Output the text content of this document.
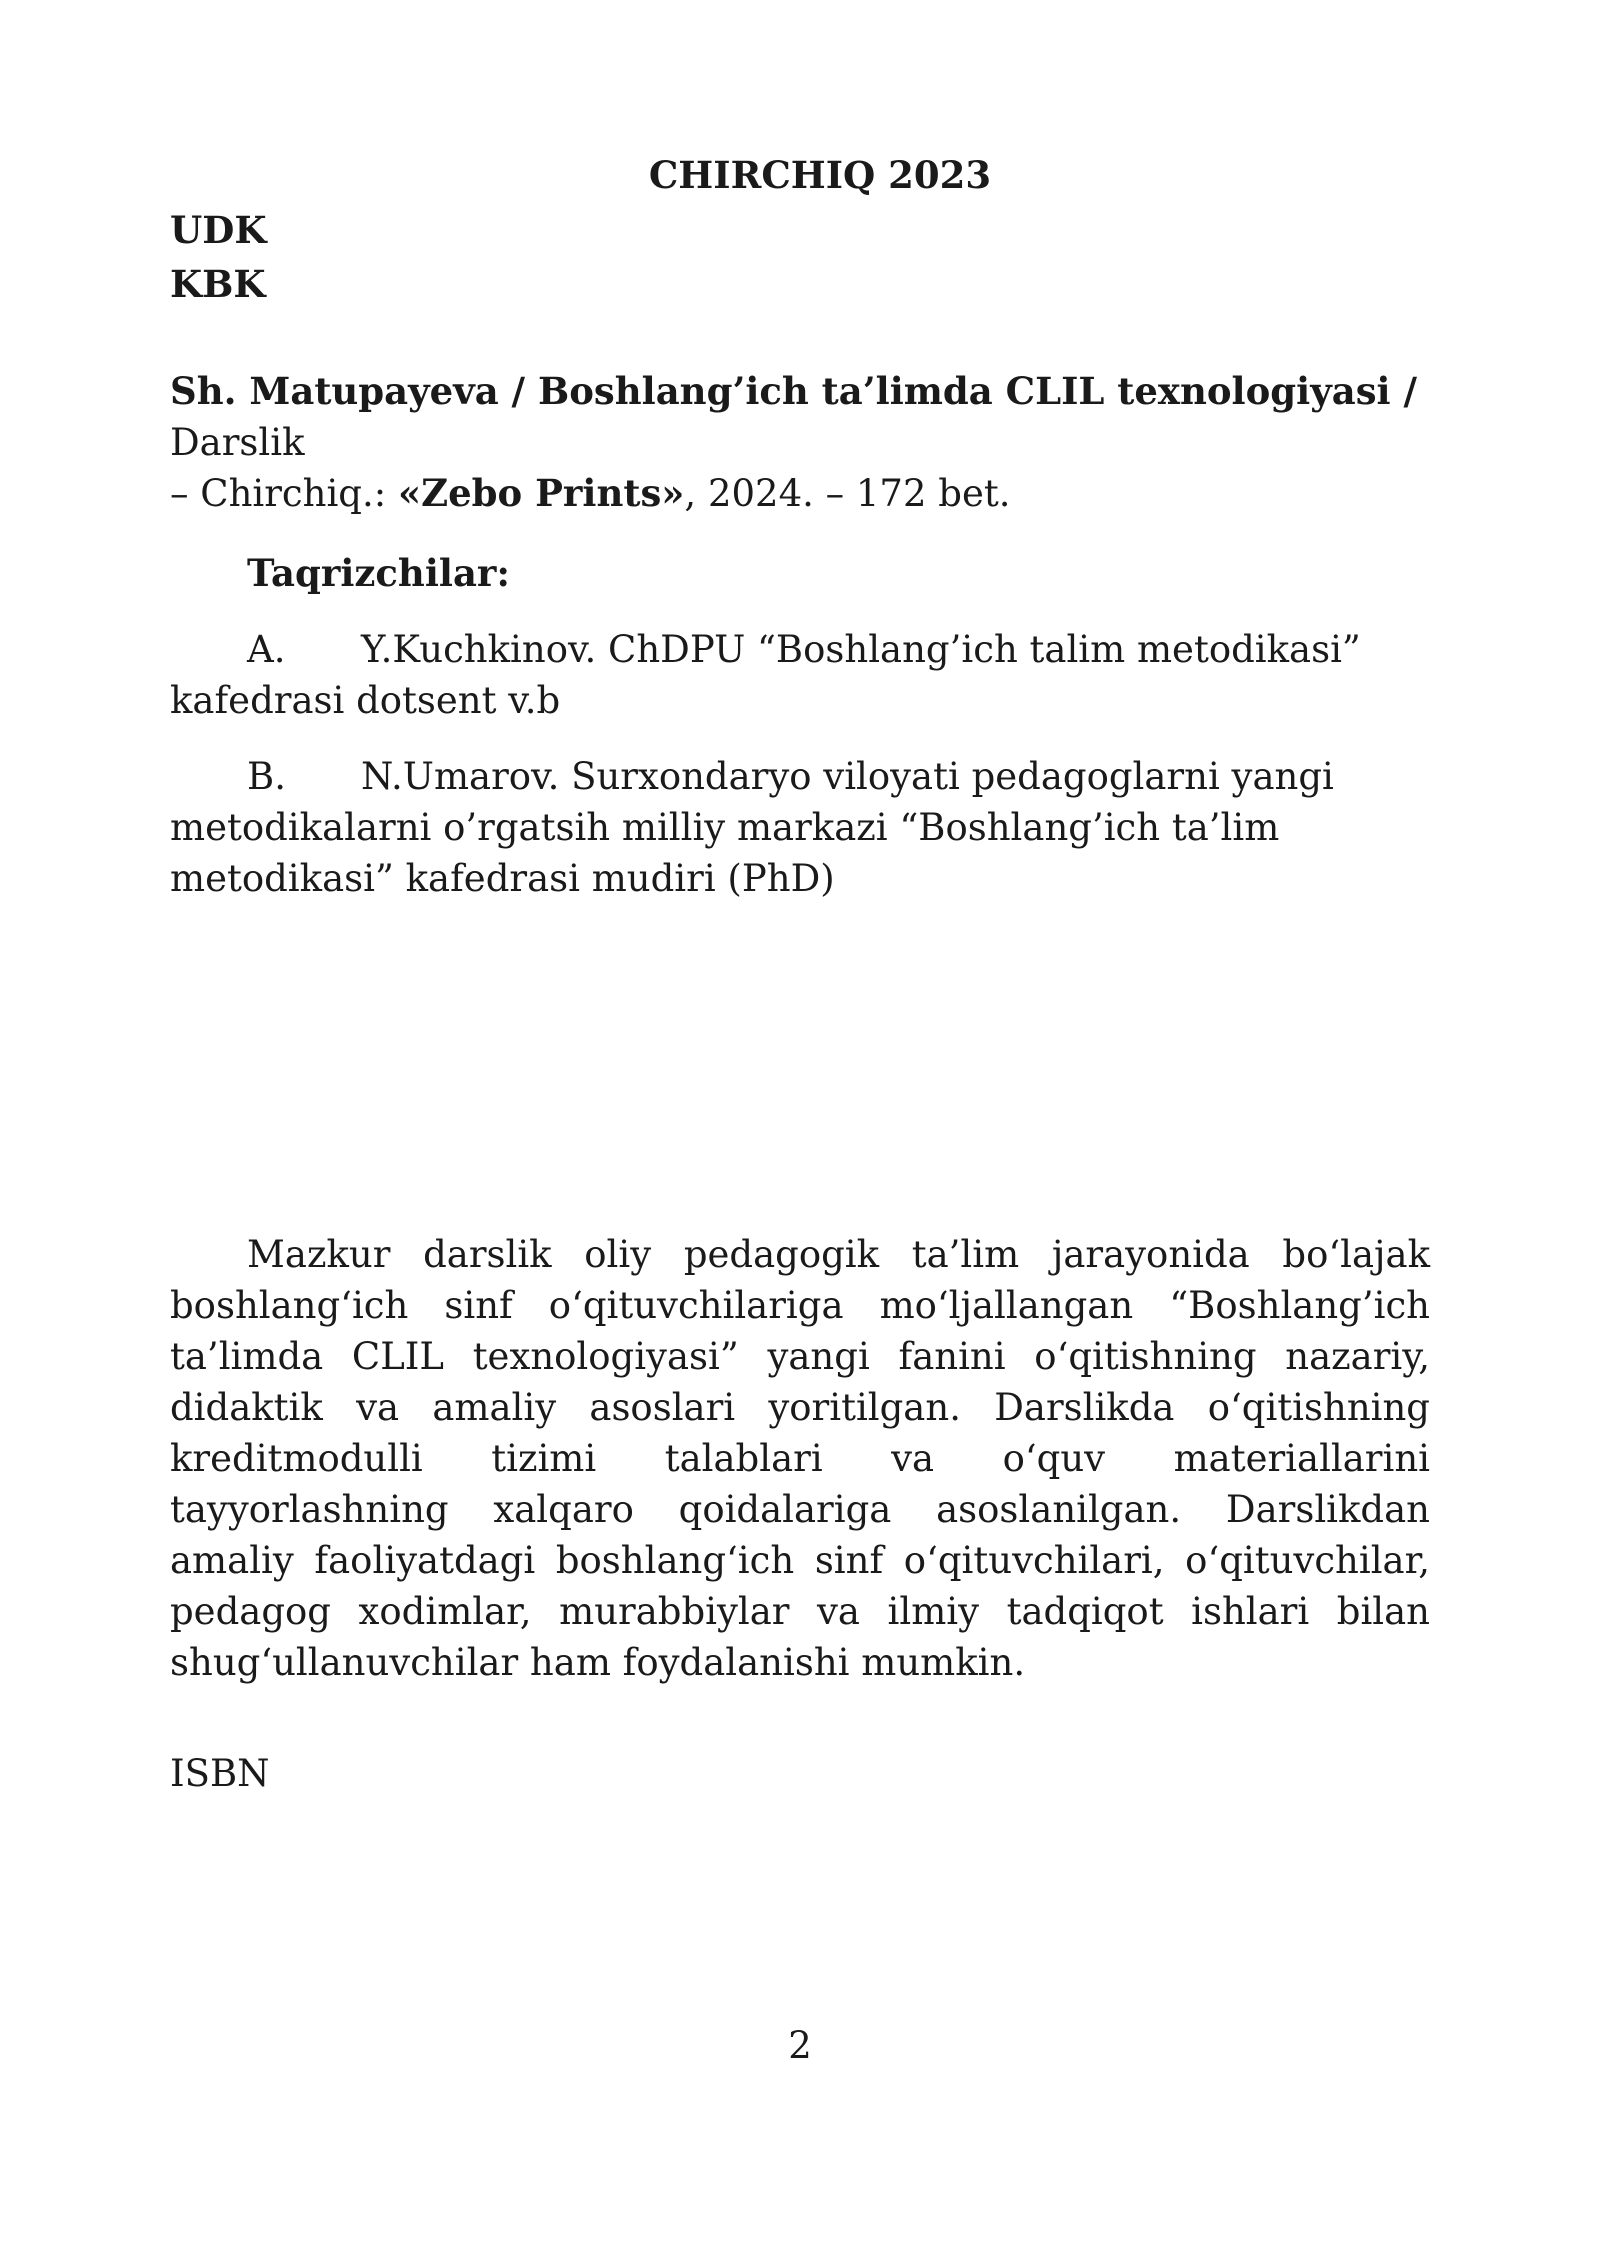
CHIRCHIQ 2023
UDK
KBK
Sh. Matupayeva / Boshlang’ich ta’limda CLIL texnologiyasi / Darslik
– Chirchiq.: «Zebo Prints», 2024. – 172 bet.
Taqrizchilar:
A. Y.Kuchkinov. ChDPU “Boshlang’ich talim metodikasi”
kafedrasi dotsent v.b
B. N.Umarov. Surxondaryo viloyati pedagoglarni yangi
metodikalarni o’rgatsih milliy markazi “Boshlang’ich ta’lim metodikasi” kafedrasi mudiri (PhD)
Mazkur darslik oliy pedagogik ta’lim jarayonida bo‘lajak boshlang‘ich sinf o‘qituvchilariga mo‘ljallangan “Boshlang’ich ta’limda CLIL texnologiyasi” yangi fanini o‘qitishning nazariy, didaktik va amaliy asoslari yoritilgan. Darslikda o‘qitishning kreditmodulli tizimi talablari va o‘quv materiallarini tayyorlashning xalqaro qoidalariga asoslanilgan. Darslikdan amaliy faoliyatdagi boshlang‘ich sinf o‘qituvchilari, o‘qituvchilar, pedagog xodimlar, murabbiylar va ilmiy tadqiqot ishlari bilan shug‘ullanuvchilar ham foydalanishi mumkin.
ISBN
2
